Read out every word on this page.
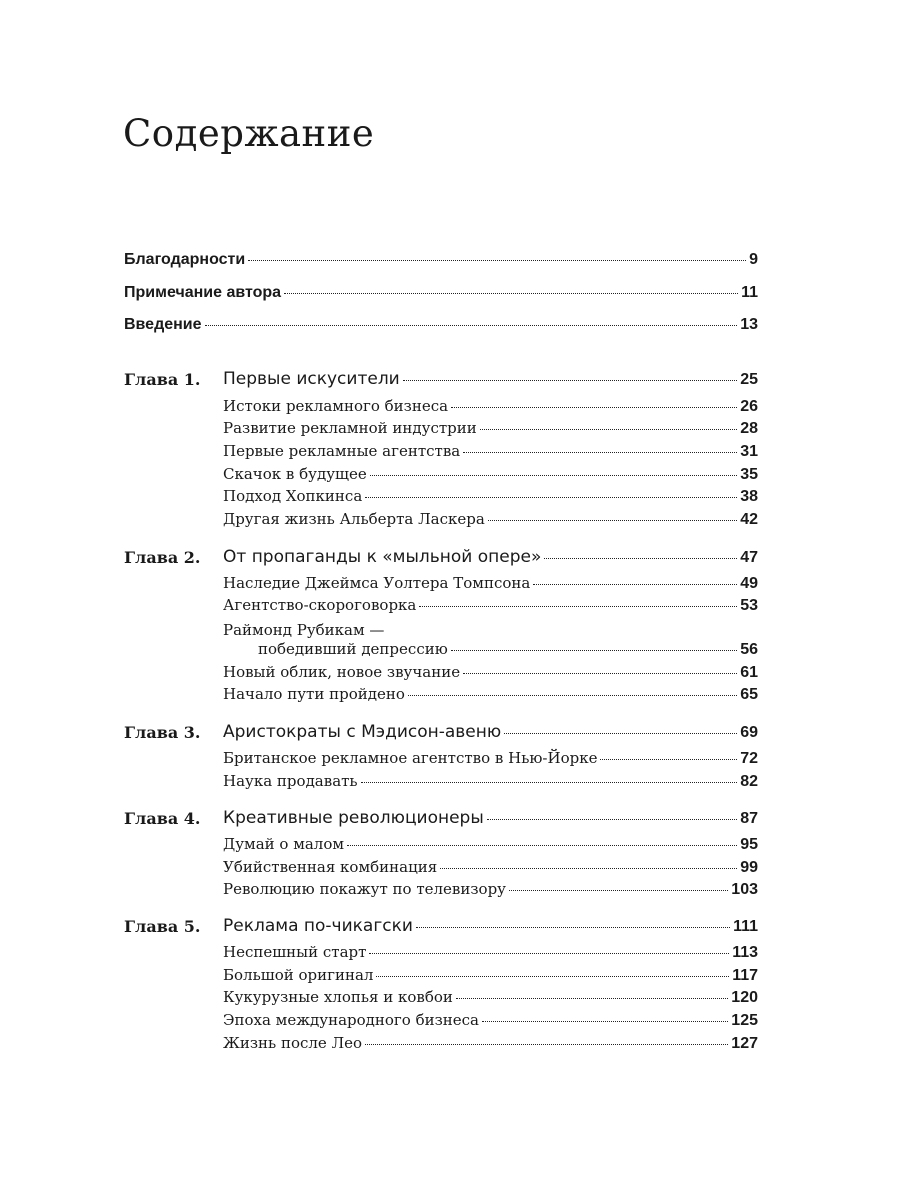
Содержание
Благодарности	9
Примечание автора	11
Введение	13
Глава 1. Первые искусители	25
Истоки рекламного бизнеса	26
Развитие рекламной индустрии	28
Первые рекламные агентства	31
Скачок в будущее	35
Подход Хопкинса	38
Другая жизнь Альберта Ласкера	42
Глава 2. От пропаганды к «мыльной опере»	47
Наследие Джеймса Уолтера Томпсона	49
Агентство-скороговорка	53
Раймонд Рубикам —
победивший депрессию	56
Новый облик, новое звучание	61
Начало пути пройдено	65
Глава 3. Аристократы с Мэдисон-авеню	69
Британское рекламное агентство в Нью-Йорке	72
Наука продавать	82
Глава 4. Креативные революционеры	87
Думай о малом	95
Убийственная комбинация	99
Революцию покажут по телевизору	103
Глава 5. Реклама по-чикагски	111
Неспешный старт	113
Большой оригинал	117
Кукурузные хлопья и ковбои	120
Эпоха международного бизнеса	125
Жизнь после Лео	127
